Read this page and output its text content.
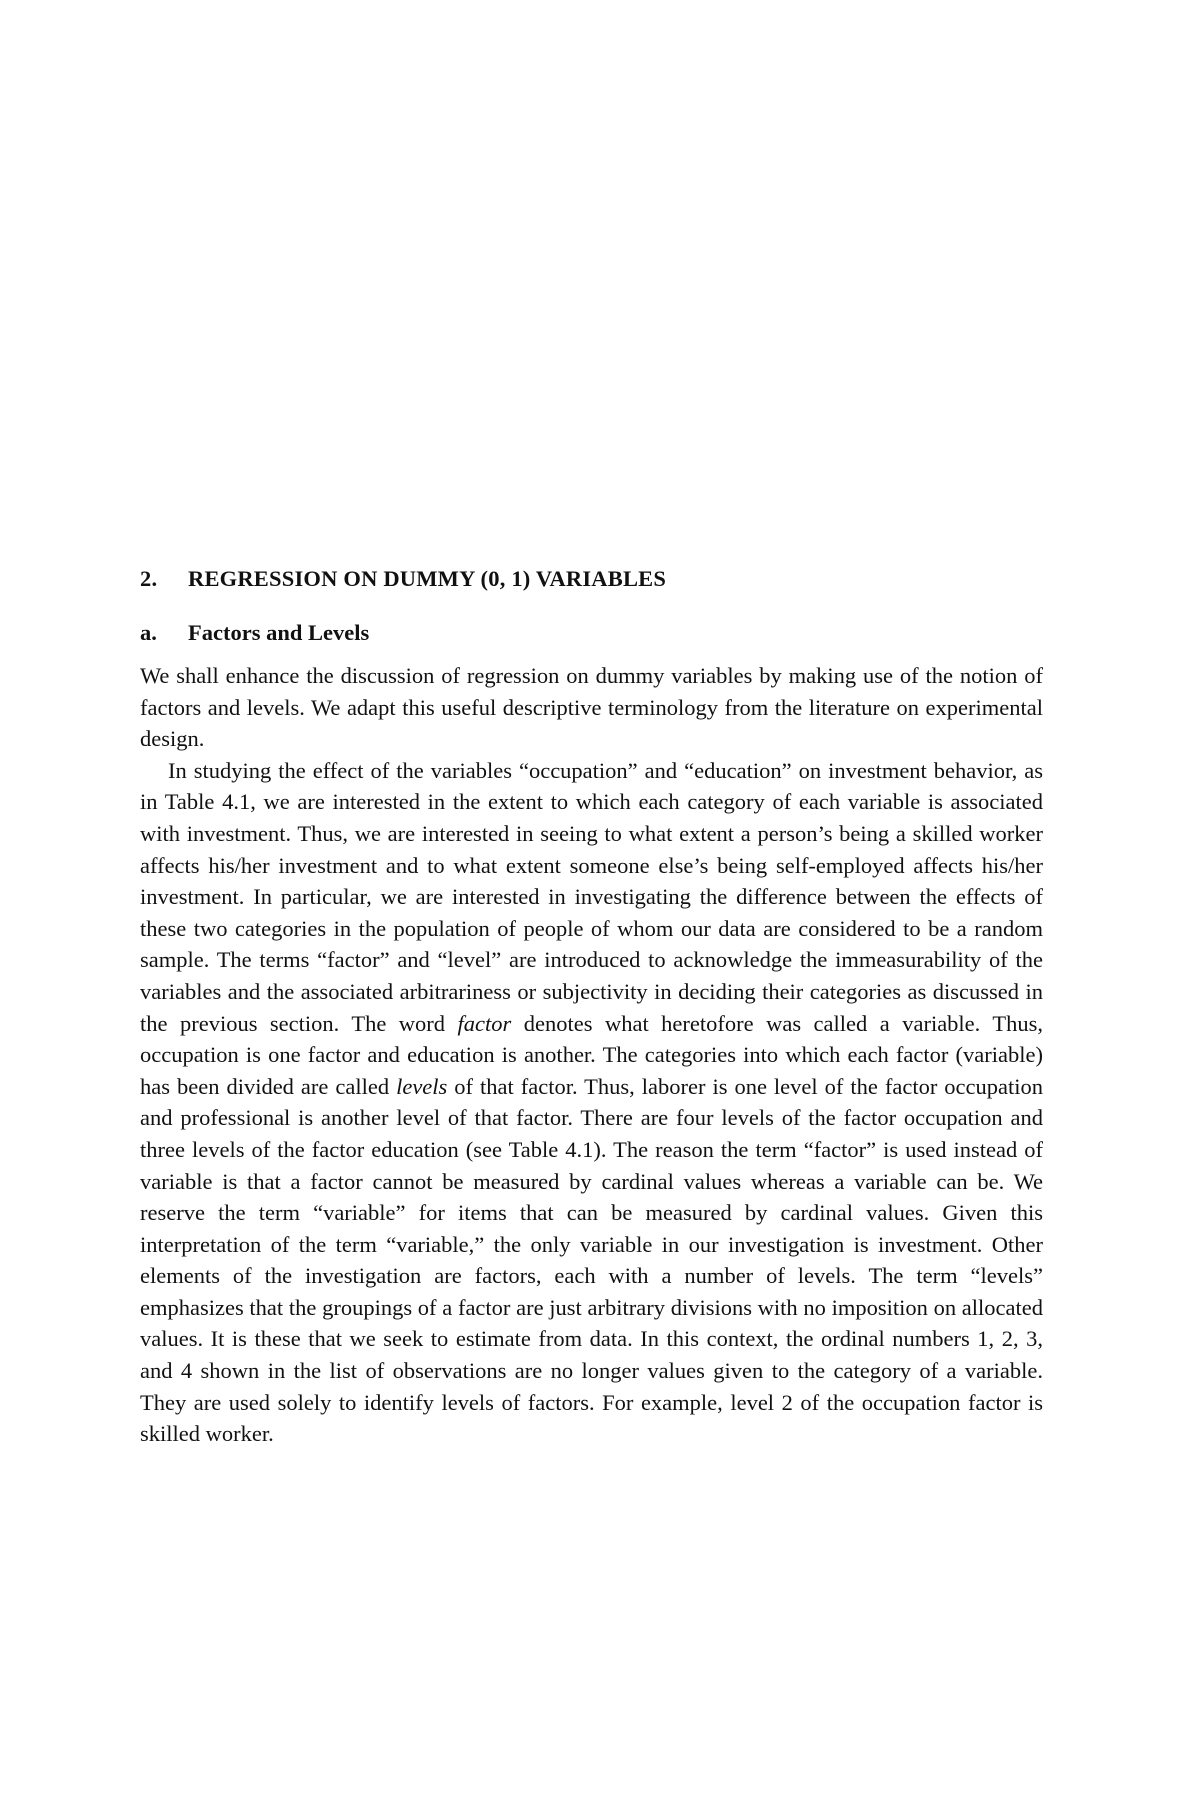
2. REGRESSION ON DUMMY (0, 1) VARIABLES
a. Factors and Levels

We shall enhance the discussion of regression on dummy variables by making use of the notion of factors and levels. We adapt this useful descriptive terminology from the literature on experimental design.

In studying the effect of the variables “occupation” and “education” on investment behavior, as in Table 4.1, we are interested in the extent to which each category of each variable is associated with investment. Thus, we are interested in seeing to what extent a person’s being a skilled worker affects his/her investment and to what extent someone else’s being self-employed affects his/her investment. In particular, we are interested in investigating the difference between the effects of these two categories in the population of people of whom our data are considered to be a random sample. The terms “factor” and “level” are introduced to acknowledge the immeasurability of the variables and the associated arbitrariness or subjectivity in deciding their categories as discussed in the previous section. The word factor denotes what heretofore was called a variable. Thus, occupation is one factor and education is another. The categories into which each factor (variable) has been divided are called levels of that factor. Thus, laborer is one level of the factor occupation and professional is another level of that factor. There are four levels of the factor occupation and three levels of the factor education (see Table 4.1). The reason the term “factor” is used instead of variable is that a factor cannot be measured by cardinal values whereas a variable can be. We reserve the term “variable” for items that can be measured by cardinal values. Given this interpretation of the term “variable,” the only variable in our investigation is investment. Other elements of the investigation are factors, each with a number of levels. The term “levels” emphasizes that the groupings of a factor are just arbitrary divisions with no imposition on allocated values. It is these that we seek to estimate from data. In this context, the ordinal numbers 1, 2, 3, and 4 shown in the list of observations are no longer values given to the category of a variable. They are used solely to identify levels of factors. For example, level 2 of the occupation factor is skilled worker.
